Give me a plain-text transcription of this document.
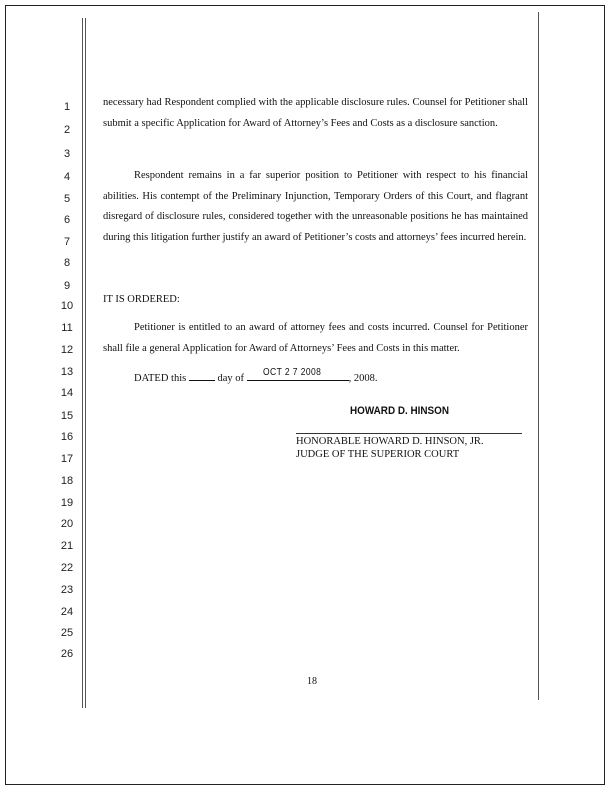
1
2
3
4
5
6
7
8
9
10
11
12
13
14
15
16
17
18
19
20
21
22
23
24
25
26
necessary had Respondent complied with the applicable disclosure rules. Counsel for Petitioner shall submit a specific Application for Award of Attorney’s Fees and Costs as a disclosure sanction.
Respondent remains in a far superior position to Petitioner with respect to his financial abilities. His contempt of the Preliminary Injunction, Temporary Orders of this Court, and flagrant disregard of disclosure rules, considered together with the unreasonable positions he has maintained during this litigation further justify an award of Petitioner’s costs and attorneys’ fees incurred herein.
IT IS ORDERED:
Petitioner is entitled to an award of attorney fees and costs incurred. Counsel for Petitioner shall file a general Application for Award of Attorneys’ Fees and Costs in this matter.
DATED this	day of
OCT 2 7 2008
, 2008.
HOWARD D. HINSON
HONORABLE HOWARD D. HINSON, JR.
JUDGE OF THE SUPERIOR COURT
18
